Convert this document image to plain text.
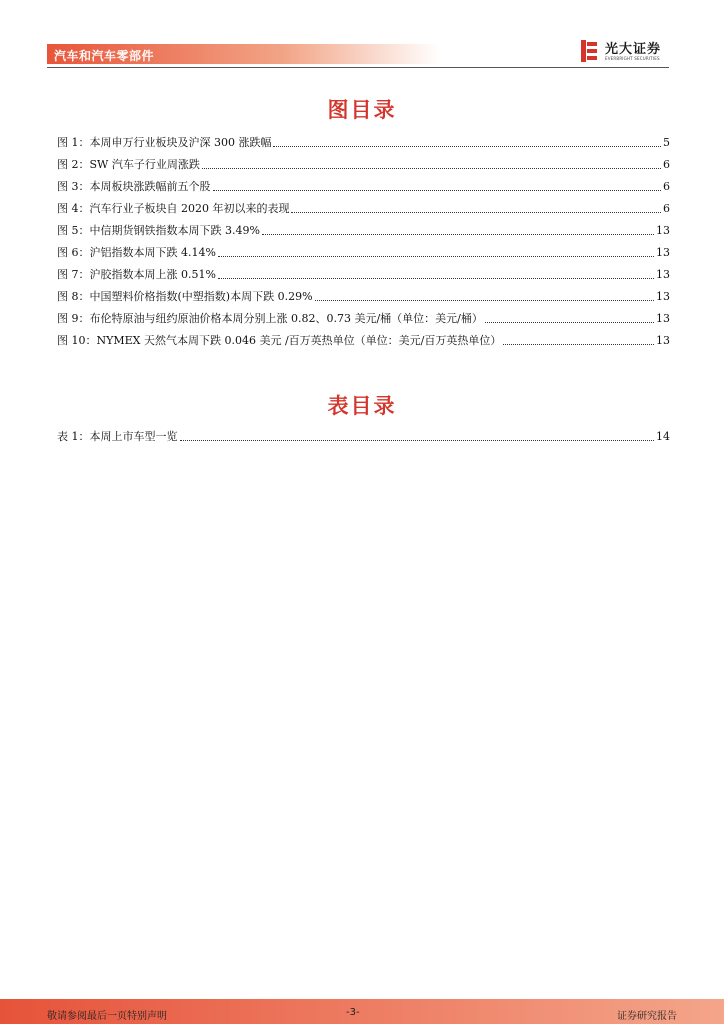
汽车和汽车零部件	光大证券
EVERBRIGHT SECURITIES
图目录
图 1：本周申万行业板块及沪深 300 涨跌幅	5
图 2：SW 汽车子行业周涨跌	6
图 3：本周板块涨跌幅前五个股	6
图 4：汽车行业子板块自 2020 年初以来的表现	6
图 5：中信期货钢铁指数本周下跌 3.49%	13
图 6：沪铝指数本周下跌 4.14%	13
图 7：沪胶指数本周上涨 0.51%	13
图 8：中国塑料价格指数(中塑指数)本周下跌 0.29%	13
图 9：布伦特原油与纽约原油价格本周分别上涨 0.82、0.73 美元/桶（单位：美元/桶）	13
图 10：NYMEX 天然气本周下跌 0.046 美元 /百万英热单位（单位：美元/百万英热单位）	13
表目录
表 1：本周上市车型一览	14
敬请参阅最后一页特别声明	-3-	证券研究报告
